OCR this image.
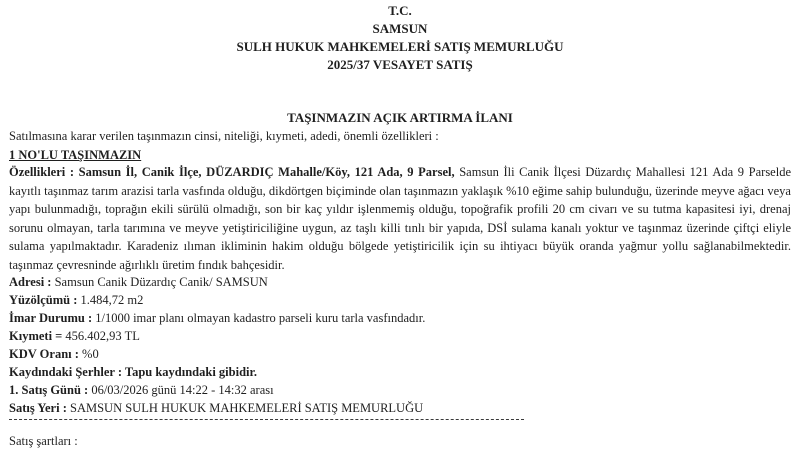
T.C.
SAMSUN
SULH HUKUK MAHKEMELERİ SATIŞ MEMURLUĞU
2025/37 VESAYET SATIŞ
TAŞINMAZIN AÇIK ARTIRMA İLANI
Satılmasına karar verilen taşınmazın cinsi, niteliği, kıymeti, adedi, önemli özellikleri :
1 NO'LU TAŞINMAZIN
Özellikleri : Samsun İl, Canik İlçe, DÜZARDIÇ Mahalle/Köy, 121 Ada, 9 Parsel, Samsun İli Canik İlçesi Düzardıç Mahallesi 121 Ada 9 Parselde kayıtlı taşınmaz tarım arazisi tarla vasfında olduğu, dikdörtgen biçiminde olan taşınmazın yaklaşık %10 eğime sahip bulunduğu, üzerinde meyve ağacı veya yapı bulunmadığı, toprağın ekili sürülü olmadığı, son bir kaç yıldır işlenmemiş olduğu, topoğrafik profili 20 cm civarı ve su tutma kapasitesi iyi, drenaj sorunu olmayan, tarla tarımına ve meyve yetiştiriciliğine uygun, az taşlı killi tınlı bir yapıda, DSİ sulama kanalı yoktur ve taşınmaz üzerinde çiftçi eliyle sulama yapılmaktadır. Karadeniz ılıman ikliminin hakim olduğu bölgede yetiştiricilik için su ihtiyacı büyük oranda yağmur yollu sağlanabilmektedir. taşınmaz çevresninde ağırlıklı üretim fındık bahçesidir.
Adresi : Samsun Canik Düzardıç Canik/ SAMSUN
Yüzölçümü : 1.484,72 m2
İmar Durumu : 1/1000 imar planı olmayan kadastro parseli kuru tarla vasfındadır.
Kıymeti = 456.402,93 TL
KDV Oranı : %0
Kaydındaki Şerhler : Tapu kaydındaki gibidir.
1. Satış Günü : 06/03/2026 günü 14:22 - 14:32 arası
Satış Yeri : SAMSUN SULH HUKUK MAHKEMELERİ SATIŞ MEMURLUĞU
Satış şartları :
